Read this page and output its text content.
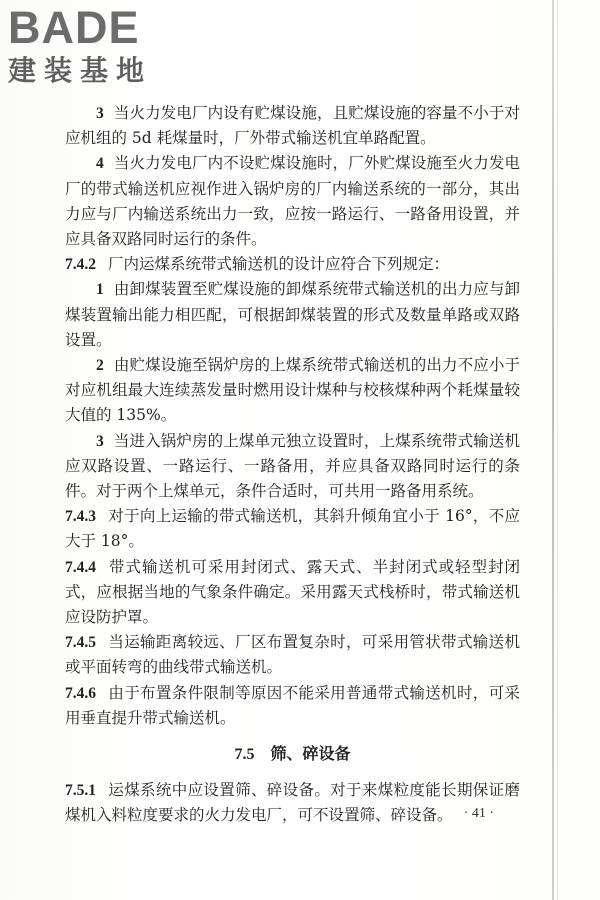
BADE
建装基地

3 当火力发电厂内设有贮煤设施，且贮煤设施的容量不小于对应机组的 5d 耗煤量时，厂外带式输送机宜单路配置。

4 当火力发电厂内不设贮煤设施时，厂外贮煤设施至火力发电厂的带式输送机应视作进入锅炉房的厂内输送系统的一部分，其出力应与厂内输送系统出力一致，应按一路运行、一路备用设置，并应具备双路同时运行的条件。

7.4.2 厂内运煤系统带式输送机的设计应符合下列规定：

1 由卸煤装置至贮煤设施的卸煤系统带式输送机的出力应与卸煤装置输出能力相匹配，可根据卸煤装置的形式及数量单路或双路设置。

2 由贮煤设施至锅炉房的上煤系统带式输送机的出力不应小于对应机组最大连续蒸发量时燃用设计煤种与校核煤种两个耗煤量较大值的 135%。

3 当进入锅炉房的上煤单元独立设置时，上煤系统带式输送机应双路设置、一路运行、一路备用，并应具备双路同时运行的条件。对于两个上煤单元，条件合适时，可共用一路备用系统。

7.4.3 对于向上运输的带式输送机，其斜升倾角宜小于 16°，不应大于 18°。

7.4.4 带式输送机可采用封闭式、露天式、半封闭式或轻型封闭式，应根据当地的气象条件确定。采用露天式栈桥时，带式输送机应设防护罩。

7.4.5 当运输距离较远、厂区布置复杂时，可采用管状带式输送机或平面转弯的曲线带式输送机。

7.4.6 由于布置条件限制等原因不能采用普通带式输送机时，可采用垂直提升带式输送机。

7.5 筛、碎设备

7.5.1 运煤系统中应设置筛、碎设备。对于来煤粒度能长期保证磨煤机入料粒度要求的火力发电厂，可不设置筛、碎设备。 · 41 ·
